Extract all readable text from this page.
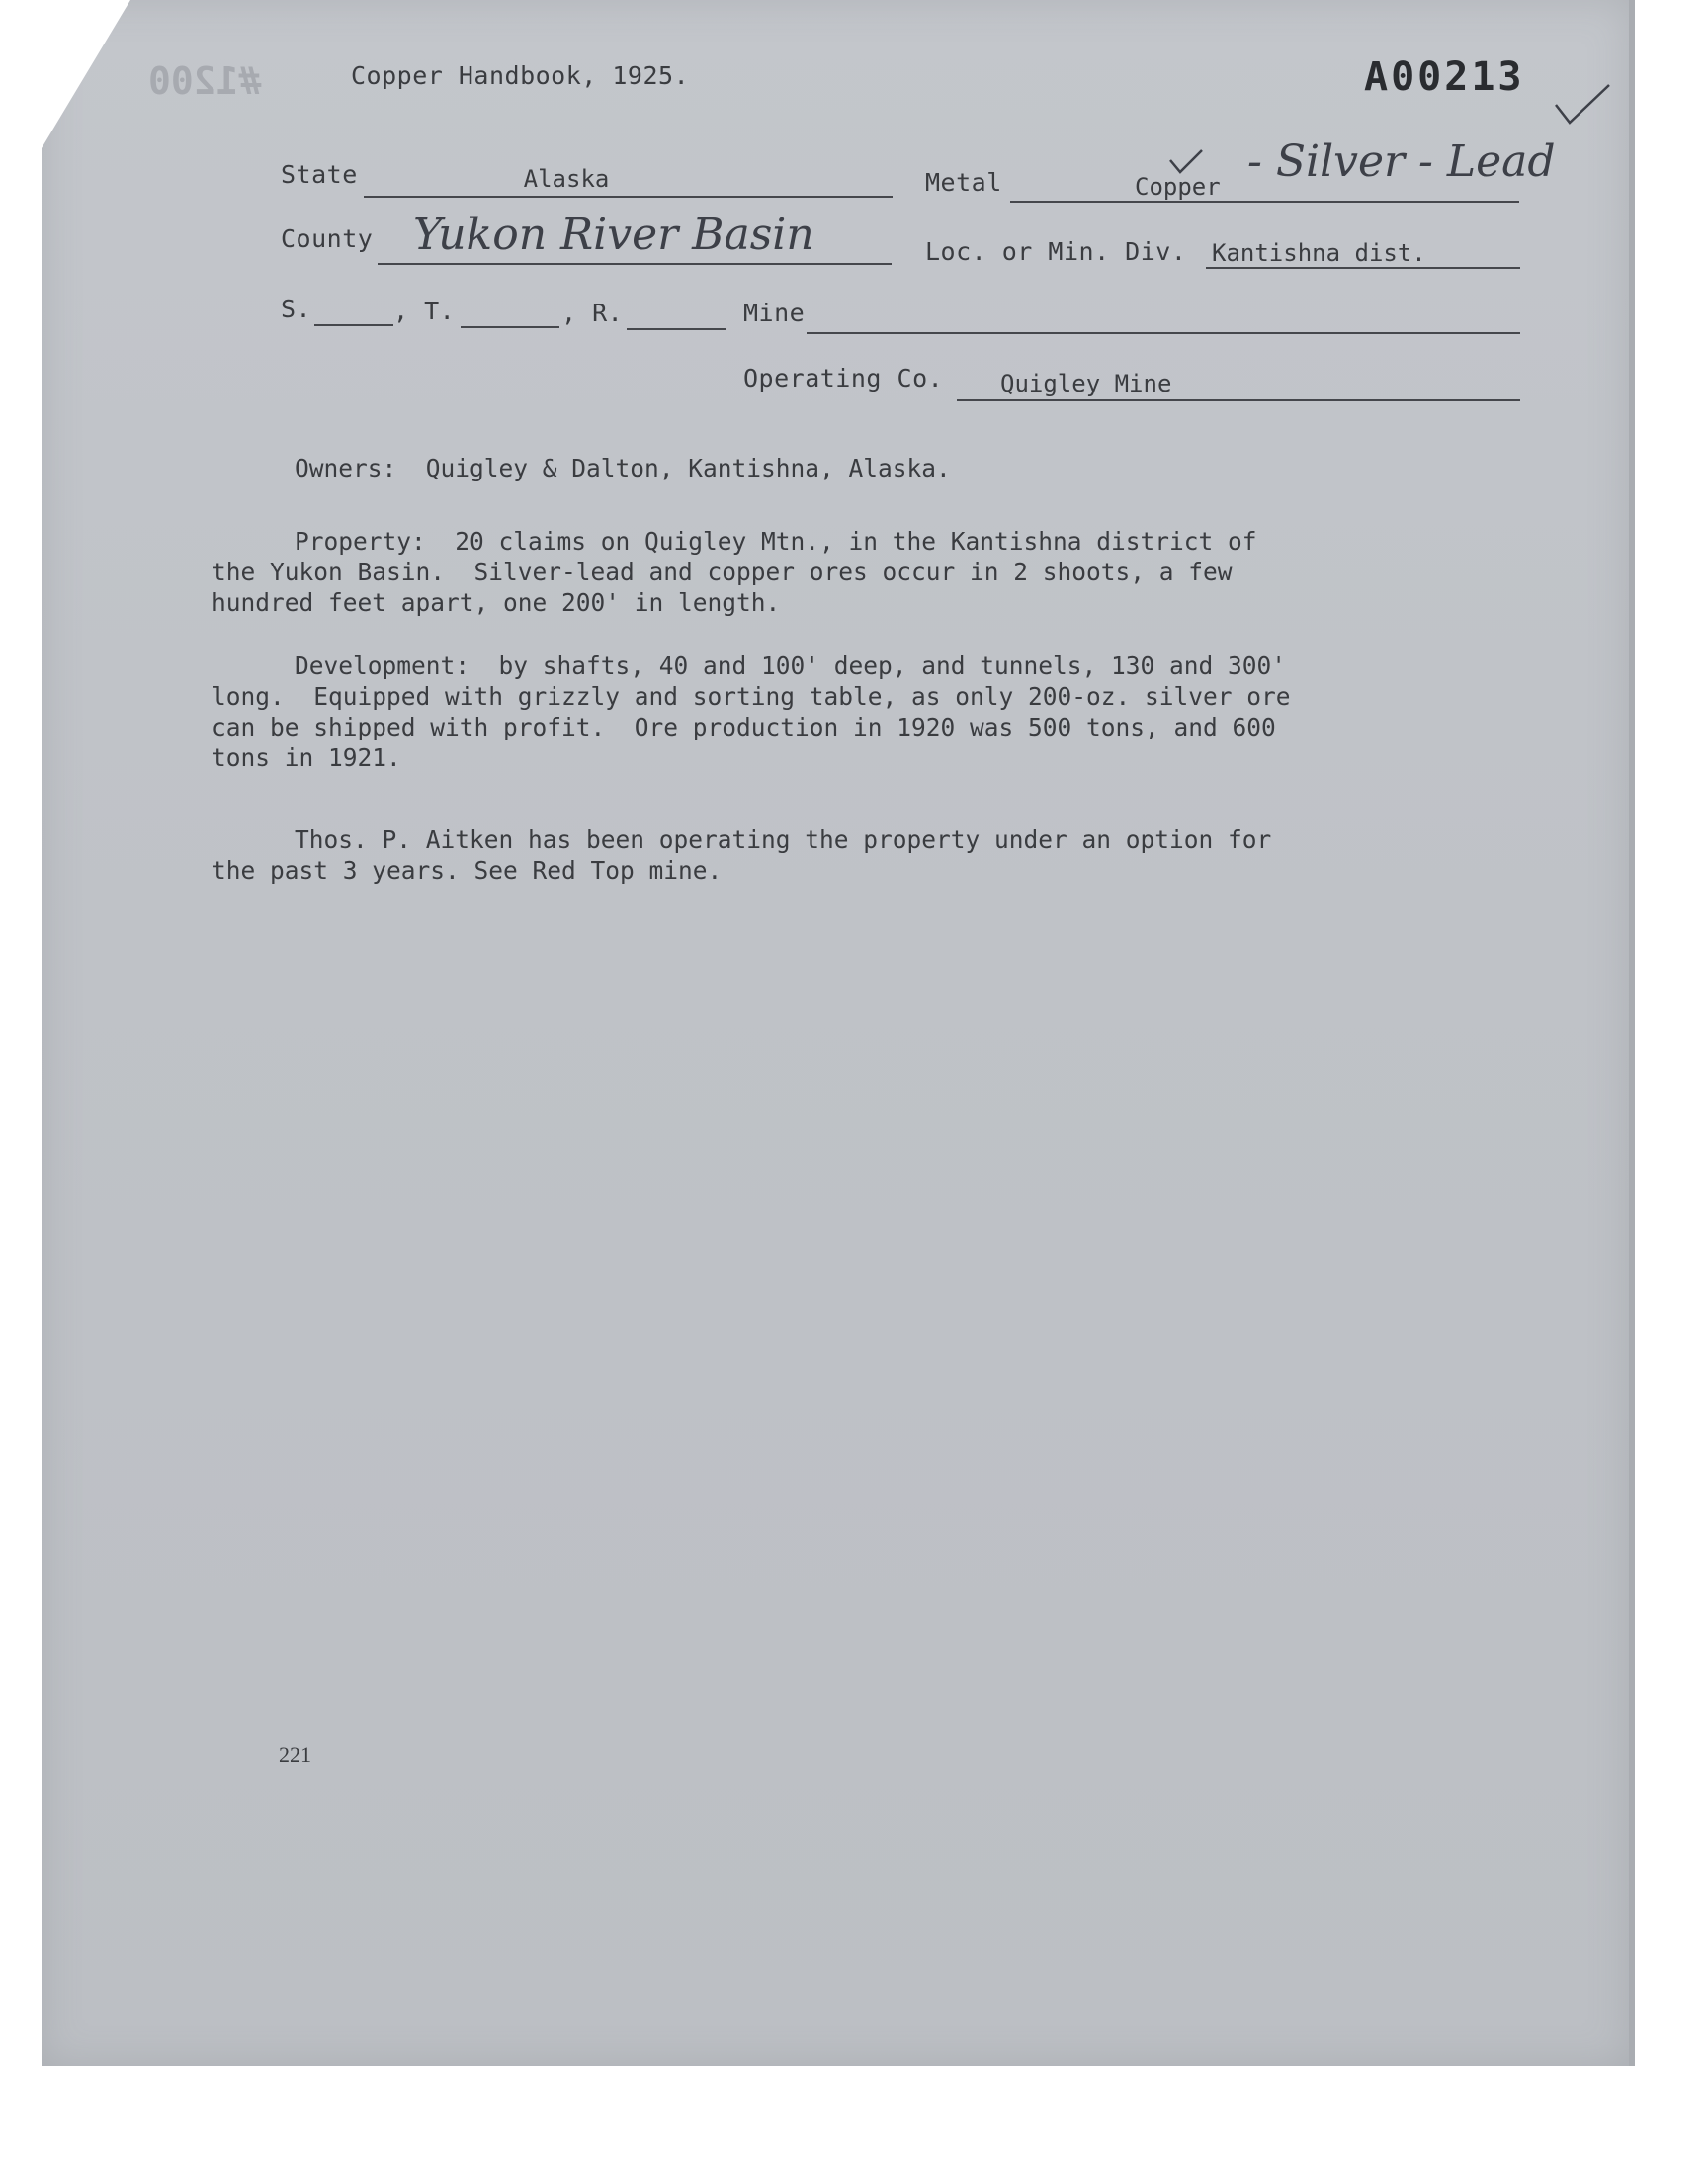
#1200	Copper Handbook, 1925.	A00213
State	Alaska	Metal	Copper - Silver - Lead
County Yukon River Basin	Loc. or Min. Div. Kantishna dist.
S.	, T.	, R.	Mine
Operating Co. Quigley Mine
Owners:  Quigley & Dalton, Kantishna, Alaska.
Property:  20 claims on Quigley Mtn., in the Kantishna district of
the Yukon Basin.  Silver-lead and copper ores occur in 2 shoots, a few
hundred feet apart, one 200' in length.
Development:  by shafts, 40 and 100' deep, and tunnels, 130 and 300'
long.  Equipped with grizzly and sorting table, as only 200-oz. silver ore
can be shipped with profit.  Ore production in 1920 was 500 tons, and 600
tons in 1921.
Thos. P. Aitken has been operating the property under an option for
the past 3 years. See Red Top mine.
221
